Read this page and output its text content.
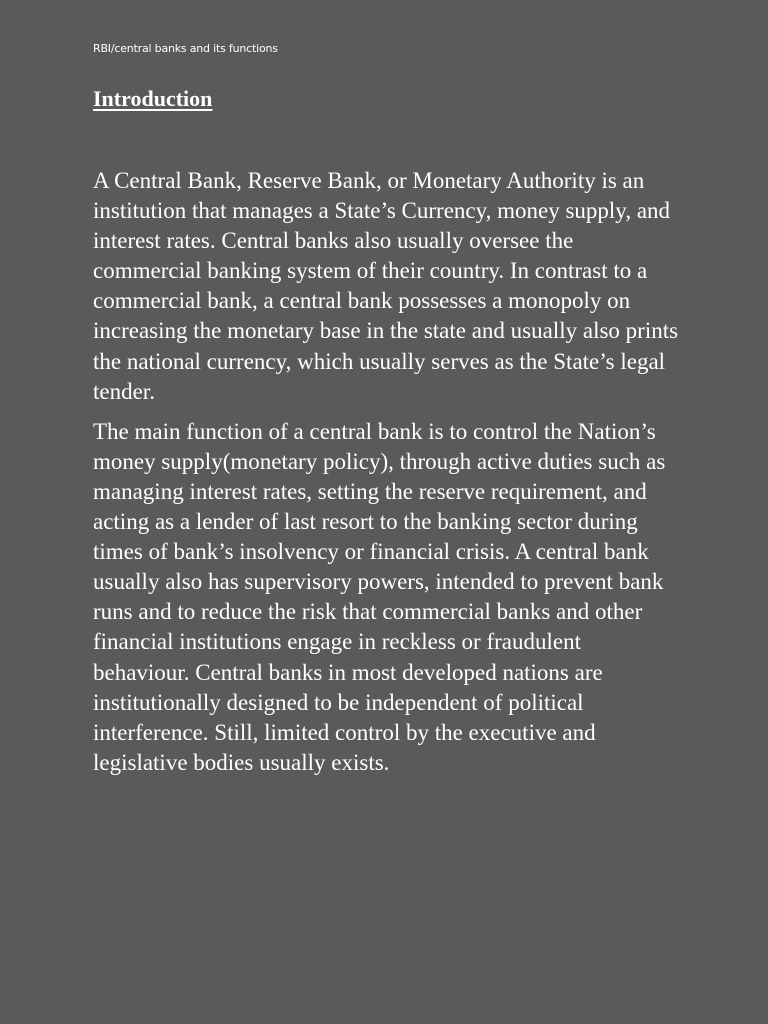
RBI/central banks and its functions
Introduction

A Central Bank, Reserve Bank, or Monetary Authority is an institution that manages a State’s Currency, money supply, and interest rates. Central banks also usually oversee the commercial banking system of their country. In contrast to a commercial bank, a central bank possesses a monopoly on increasing the monetary base in the state and usually also prints the national currency, which usually serves as the State’s legal tender.

The main function of a central bank is to control the Nation’s money supply(monetary policy), through active duties such as managing interest rates, setting the reserve requirement, and acting as a lender of last resort to the banking sector during times of bank’s insolvency or financial crisis. A central bank usually also has supervisory powers, intended to prevent bank runs and to reduce the risk that commercial banks and other financial institutions engage in reckless or fraudulent behaviour. Central banks in most developed nations are institutionally designed to be independent of political interference. Still, limited control by the executive and legislative bodies usually exists.
